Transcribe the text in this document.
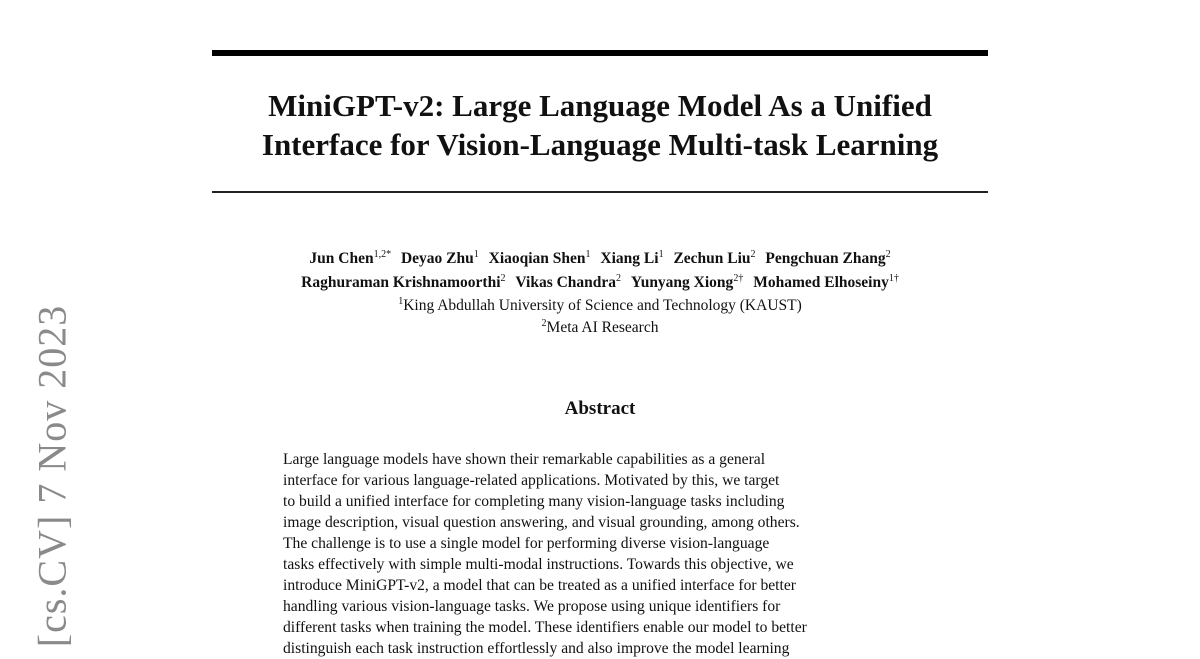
[cs.CV] 7 Nov 2023
MiniGPT-v2: Large Language Model As a Unified
Interface for Vision-Language Multi-task Learning
Jun Chen$^{1,2*}$ Deyao Zhu$^1$ Xiaoqian Shen$^1$ Xiang Li$^1$ Zechun Liu$^2$ Pengchuan Zhang$^2$
Raghuraman Krishnamoorthi$^2$ Vikas Chandra$^2$ Yunyang Xiong$^{2\dagger}$ Mohamed Elhoseiny$^{1\dagger}$
$^1$King Abdullah University of Science and Technology (KAUST)
$^2$Meta AI Research
Abstract

Large language models have shown their remarkable capabilities as a general
interface for various language-related applications. Motivated by this, we target
to build a unified interface for completing many vision-language tasks including
image description, visual question answering, and visual grounding, among others.
The challenge is to use a single model for performing diverse vision-language
tasks effectively with simple multi-modal instructions. Towards this objective, we
introduce MiniGPT-v2, a model that can be treated as a unified interface for better
handling various vision-language tasks. We propose using unique identifiers for
different tasks when training the model. These identifiers enable our model to better
distinguish each task instruction effortlessly and also improve the model learning
